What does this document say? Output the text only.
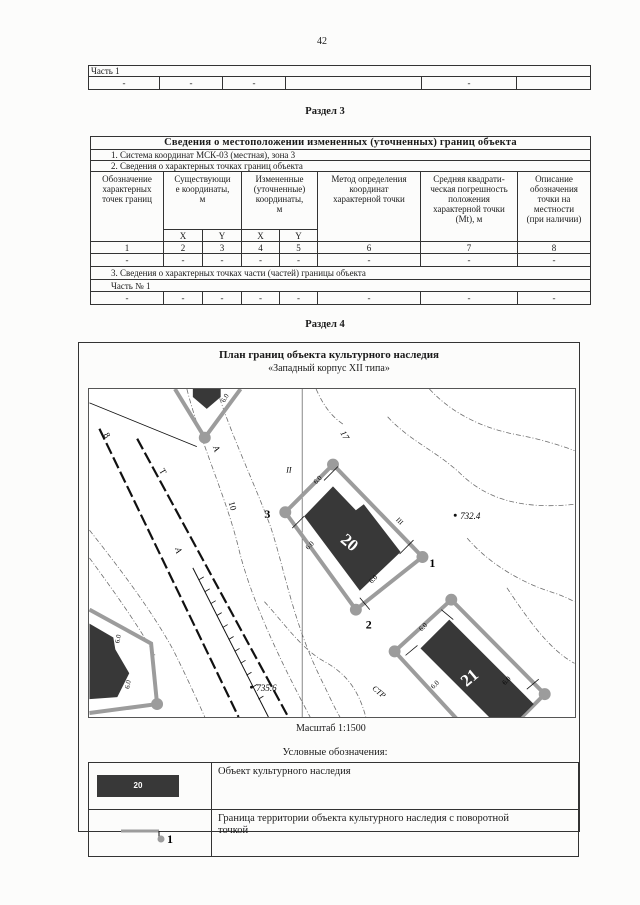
42
Часть 1
-	-	-		-	
Раздел 3
Сведения о местоположении измененных (уточненных) границ объекта							
1. Система координат МСК-03 (местная), зона 3							
2. Сведения о характерных точках границ объекта							
Обозначение
характерных
точек границ	Существующи
е координаты,
м		Измененные
(уточненные)
координаты,
м		Метод определения
координат
характерной точки	Средняя квадрати-
ческая погрешность
положения
характерной точки
(Mt), м	Описание
обозначения
точки на
местности
(при наличии)
	X	Y	X	Y			
1	2	3	4	5	6	7	8
-	-	-	-	-	-	-	-
3. Сведения о характерных точках части (частей) границы объекта							
Часть № 1							
-	-	-	-	-	-	-	-
Раздел 4
План границ объекта культурного наследия
«Западный корпус XII типа»
6.0
20
6.0
6.0
6.0
1
2
3
21
6.0
6.0	6.0
6.0
6.0
732.4
735.6
8
Т
А
10
А
II
17
III
СТР
Масштаб 1:1500
Условные обозначения:

20	Объект культурного наследия

1	Граница территории объекта культурного наследия с поворотной
точкой
